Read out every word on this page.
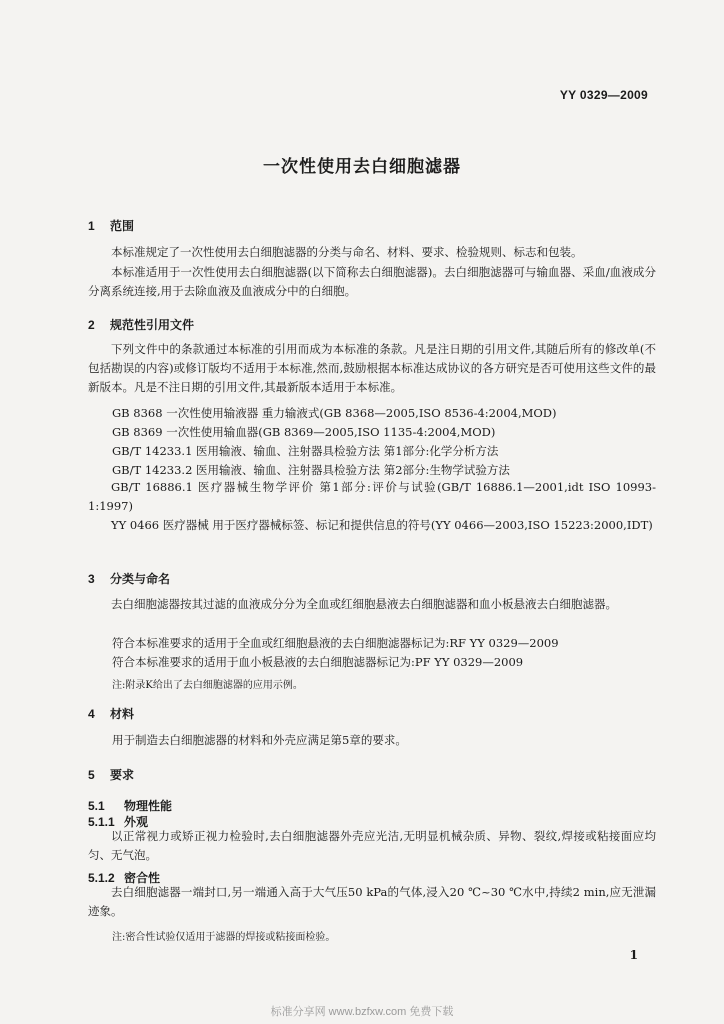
YY 0329—2009
一次性使用去白细胞滤器
1 范围
本标准规定了一次性使用去白细胞滤器的分类与命名、材料、要求、检验规则、标志和包装。
本标准适用于一次性使用去白细胞滤器(以下简称去白细胞滤器)。去白细胞滤器可与输血器、采血/血液成分分离系统连接,用于去除血液及血液成分中的白细胞。
2 规范性引用文件
下列文件中的条款通过本标准的引用而成为本标准的条款。凡是注日期的引用文件,其随后所有的修改单(不包括勘误的内容)或修订版均不适用于本标准,然而,鼓励根据本标准达成协议的各方研究是否可使用这些文件的最新版本。凡是不注日期的引用文件,其最新版本适用于本标准。
GB 8368 一次性使用输液器 重力输液式(GB 8368—2005,ISO 8536-4:2004,MOD)
GB 8369 一次性使用输血器(GB 8369—2005,ISO 1135-4:2004,MOD)
GB/T 14233.1 医用输液、输血、注射器具检验方法 第1部分:化学分析方法
GB/T 14233.2 医用输液、输血、注射器具检验方法 第2部分:生物学试验方法
GB/T 16886.1 医疗器械生物学评价 第1部分:评价与试验(GB/T 16886.1—2001,idt ISO 10993-1:1997)
YY 0466 医疗器械 用于医疗器械标签、标记和提供信息的符号(YY 0466—2003,ISO 15223:2000,IDT)
3 分类与命名
去白细胞滤器按其过滤的血液成分分为全血或红细胞悬液去白细胞滤器和血小板悬液去白细胞滤器。
符合本标准要求的适用于全血或红细胞悬液的去白细胞滤器标记为:RF YY 0329—2009
符合本标准要求的适用于血小板悬液的去白细胞滤器标记为:PF YY 0329—2009
注:附录K给出了去白细胞滤器的应用示例。
4 材料
用于制造去白细胞滤器的材料和外壳应满足第5章的要求。
5 要求
5.1 物理性能
5.1.1 外观
以正常视力或矫正视力检验时,去白细胞滤器外壳应光洁,无明显机械杂质、异物、裂纹,焊接或粘接面应均匀、无气泡。
5.1.2 密合性
去白细胞滤器一端封口,另一端通入高于大气压50 kPa的气体,浸入20 ℃~30 ℃水中,持续2 min,应无泄漏迹象。
注:密合性试验仅适用于滤器的焊接或粘接面检验。
1
标准分享网 www.bzfxw.com 免费下载
